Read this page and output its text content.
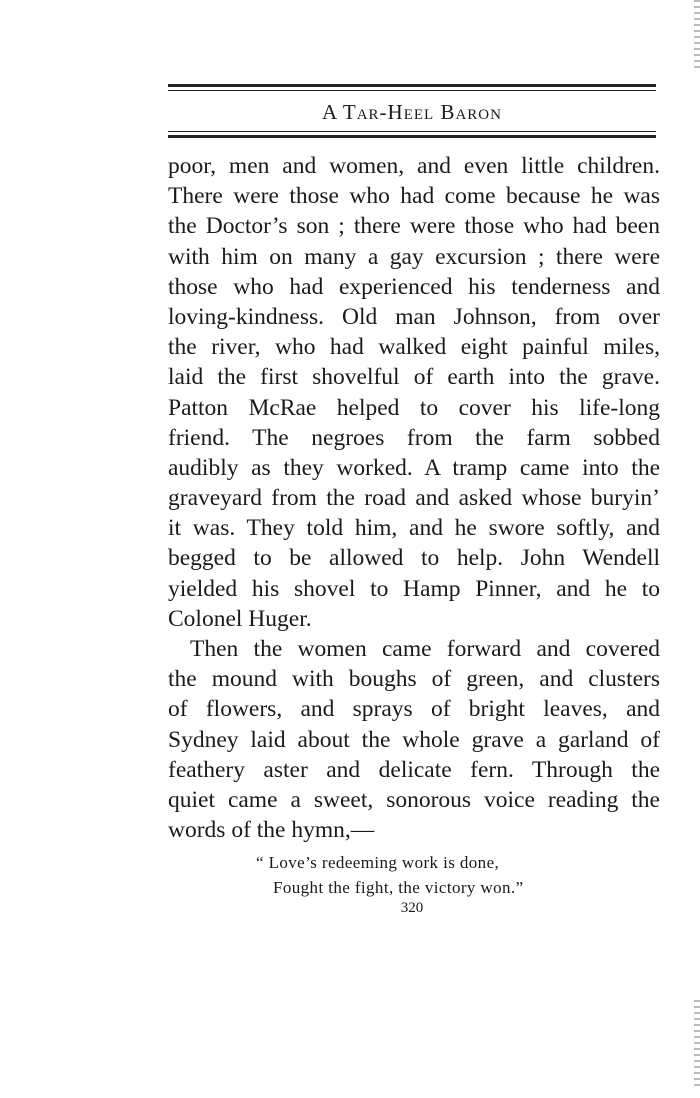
A Tar-Heel Baron
poor, men and women, and even little children.
There were those who had come because he was
the Doctor’s son ; there were those who had been
with him on many a gay excursion ; there were
those who had experienced his tenderness and
loving-kindness. Old man Johnson, from over
the river, who had walked eight painful miles,
laid the first shovelful of earth into the grave.
Patton McRae helped to cover his life-long
friend. The negroes from the farm sobbed
audibly as they worked. A tramp came into the
graveyard from the road and asked whose buryin’
it was. They told him, and he swore softly, and
begged to be allowed to help. John Wendell
yielded his shovel to Hamp Pinner, and he to
Colonel Huger.
Then the women came forward and covered
the mound with boughs of green, and clusters
of flowers, and sprays of bright leaves, and
Sydney laid about the whole grave a garland of
feathery aster and delicate fern. Through the
quiet came a sweet, sonorous voice reading the
words of the hymn,—
“ Love’s redeeming work is done,
Fought the fight, the victory won.”
320
